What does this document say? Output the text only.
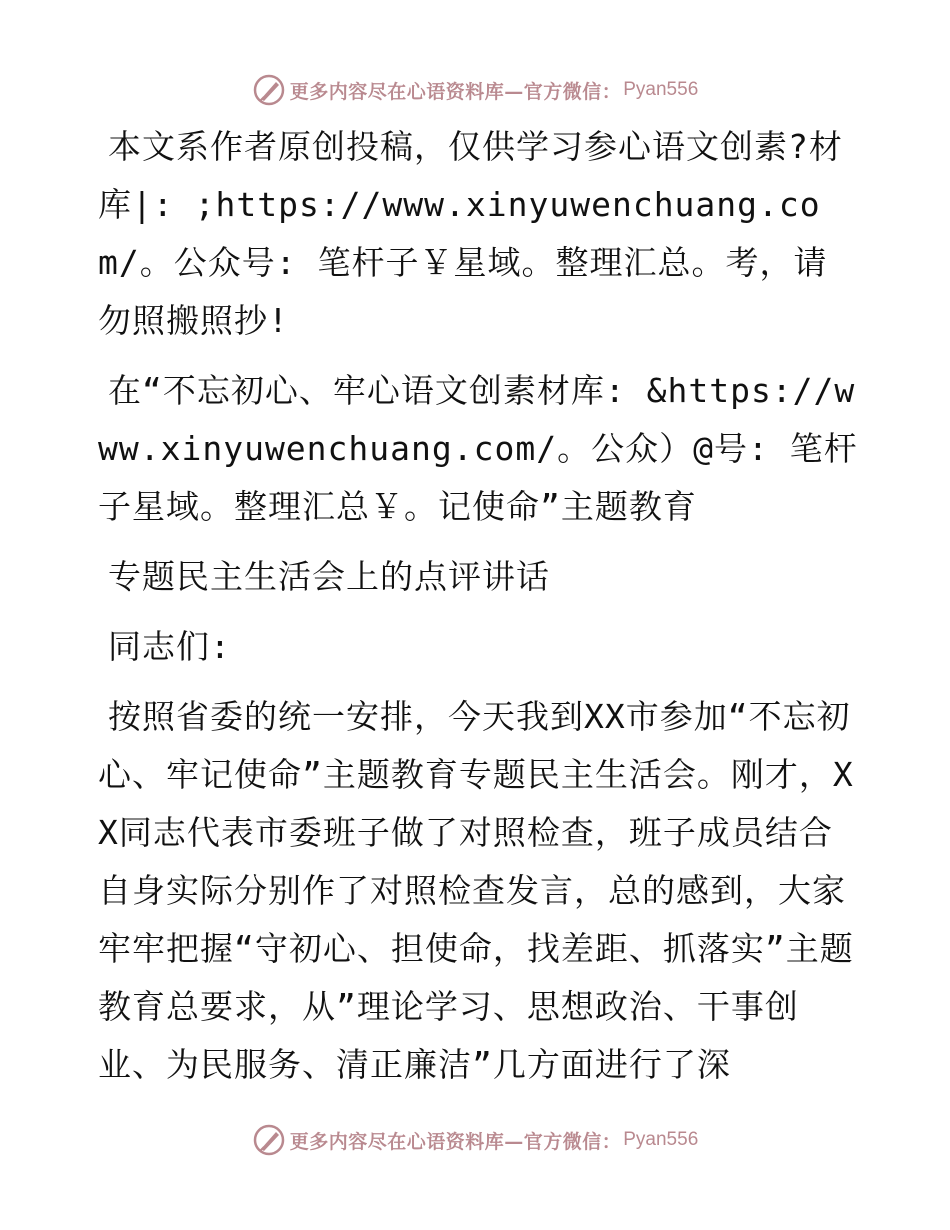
更多内容尽在心语资料库—官方微信： Pyan556

本文系作者原创投稿，仅供学习参心语文创素?材库|: ;https://www.xinyuwenchuang.com/。公众号: 笔杆子￥星域。整理汇总。考，请勿照搬照抄!

在“不忘初心、牢心语文创素材库: &https://www.xinyuwenchuang.com/。公众）@号: 笔杆子星域。整理汇总￥。记使命”主题教育

专题民主生活会上的点评讲话

同志们:

按照省委的统一安排，今天我到XX市参加“不忘初心、牢记使命”主题教育专题民主生活会。刚才，XX同志代表市委班子做了对照检查，班子成员结合自身实际分别作了对照检查发言，总的感到，大家牢牢把握“守初心、担使命，找差距、抓落实”主题教育总要求，从”理论学习、思想政治、干事创业、为民服务、清正廉洁”几方面进行了深

更多内容尽在心语资料库—官方微信： Pyan556
